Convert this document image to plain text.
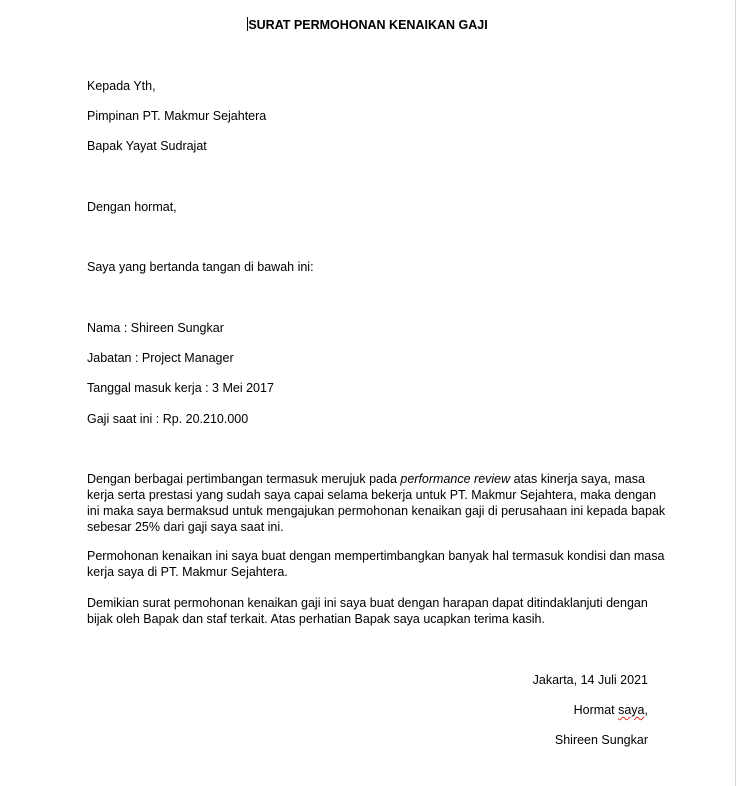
SURAT PERMOHONAN KENAIKAN GAJI
Kepada Yth,
Pimpinan PT. Makmur Sejahtera
Bapak Yayat Sudrajat
Dengan hormat,
Saya yang bertanda tangan di bawah ini:
Nama : Shireen Sungkar
Jabatan : Project Manager
Tanggal masuk kerja : 3 Mei 2017
Gaji saat ini : Rp. 20.210.000
Dengan berbagai pertimbangan termasuk merujuk pada performance review atas kinerja saya, masa kerja serta prestasi yang sudah saya capai selama bekerja untuk PT. Makmur Sejahtera, maka dengan ini maka saya bermaksud untuk mengajukan permohonan kenaikan gaji di perusahaan ini kepada bapak sebesar 25% dari gaji saya saat ini.
Permohonan kenaikan ini saya buat dengan mempertimbangkan banyak hal termasuk kondisi dan masa kerja saya di PT. Makmur Sejahtera.
Demikian surat permohonan kenaikan gaji ini saya buat dengan harapan dapat ditindaklanjuti dengan bijak oleh Bapak dan staf terkait. Atas perhatian Bapak saya ucapkan terima kasih.
Jakarta, 14 Juli 2021
Hormat saya,
Shireen Sungkar
